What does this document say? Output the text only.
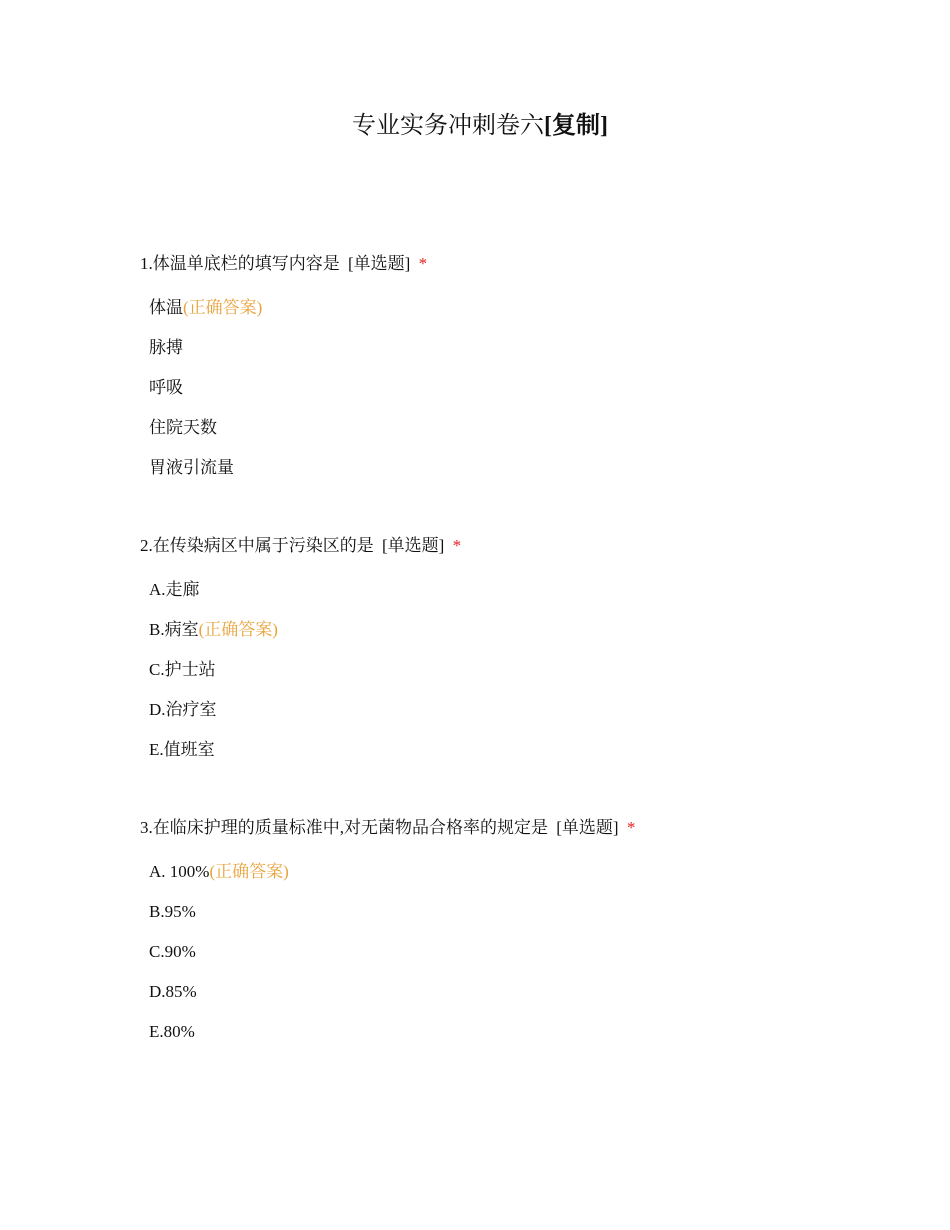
专业实务冲刺卷六[复制]
1.体温单底栏的填写内容是 [单选题] *
体温(正确答案)
脉搏
呼吸
住院天数
胃液引流量
2.在传染病区中属于污染区的是 [单选题] *
A.走廊
B.病室(正确答案)
C.护士站
D.治疗室
E.值班室
3.在临床护理的质量标准中,对无菌物品合格率的规定是 [单选题] *
A. 100%(正确答案)
B.95%
C.90%
D.85%
E.80%
